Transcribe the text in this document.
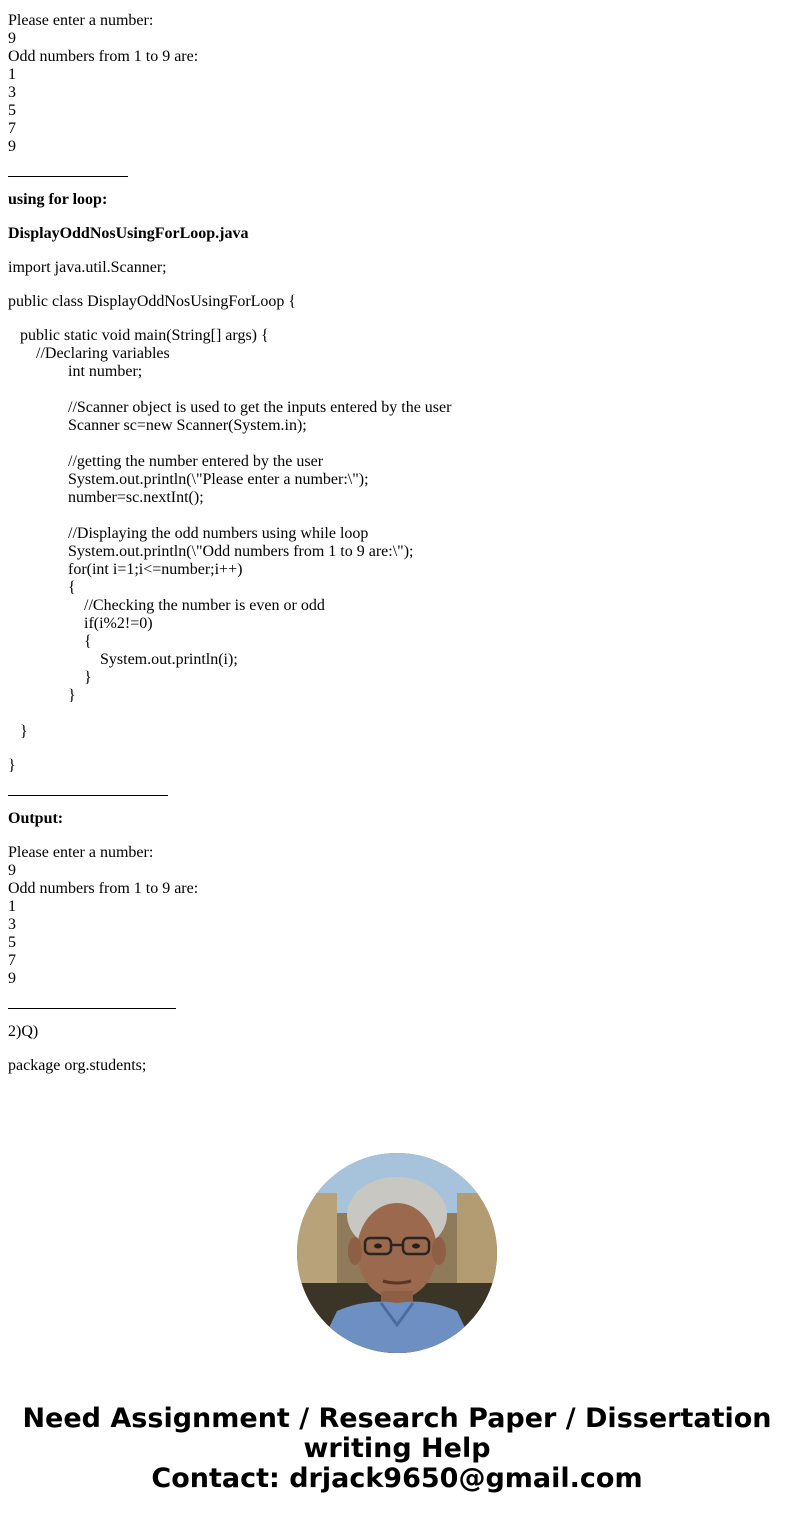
Please enter a number:
9
Odd numbers from 1 to 9 are:
1
3
5
7
9
using for loop:
DisplayOddNosUsingForLoop.java
import java.util.Scanner;
public class DisplayOddNosUsingForLoop {
public static void main(String[] args) {
//Declaring variables
int number;
//Scanner object is used to get the inputs entered by the user
Scanner sc=new Scanner(System.in);
//getting the number entered by the user
System.out.println(\"Please enter a number:\");
number=sc.nextInt();
//Displaying the odd numbers using while loop
System.out.println(\"Odd numbers from 1 to 9 are:\");
for(int i=1;i<=number;i++)
{
//Checking the number is even or odd
if(i%2!=0)
{
System.out.println(i);
}
}
}
}
Output:
Please enter a number:
9
Odd numbers from 1 to 9 are:
1
3
5
7
9
2)Q)
package org.students;
Need Assignment / Research Paper / Dissertation
writing Help
Contact: drjack9650@gmail.com
